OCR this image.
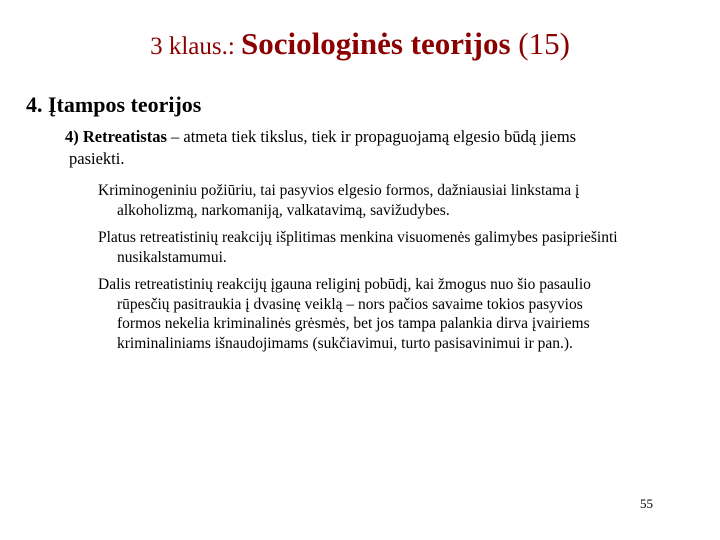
3 klaus.: Sociologinės teorijos (15)
4. Įtampos teorijos
4) Retreatistas – atmeta tiek tikslus, tiek ir propaguojamą elgesio būdą jiems
pasiekti.
Kriminogeniniu požiūriu, tai pasyvios elgesio formos, dažniausiai linkstama į
alkoholizmą, narkomaniją, valkatavimą, savižudybes.
Platus retreatistinių reakcijų išplitimas menkina visuomenės galimybes pasipriešinti
nusikalstamumui.
Dalis retreatistinių reakcijų įgauna religinį pobūdį, kai žmogus nuo šio pasaulio
rūpesčių pasitraukia į dvasinę veiklą – nors pačios savaime tokios pasyvios
formos nekelia kriminalinės grėsmės, bet jos tampa palankia dirva įvairiems
kriminaliniams išnaudojimams (sukčiavimui, turto pasisavinimui ir pan.).
55
